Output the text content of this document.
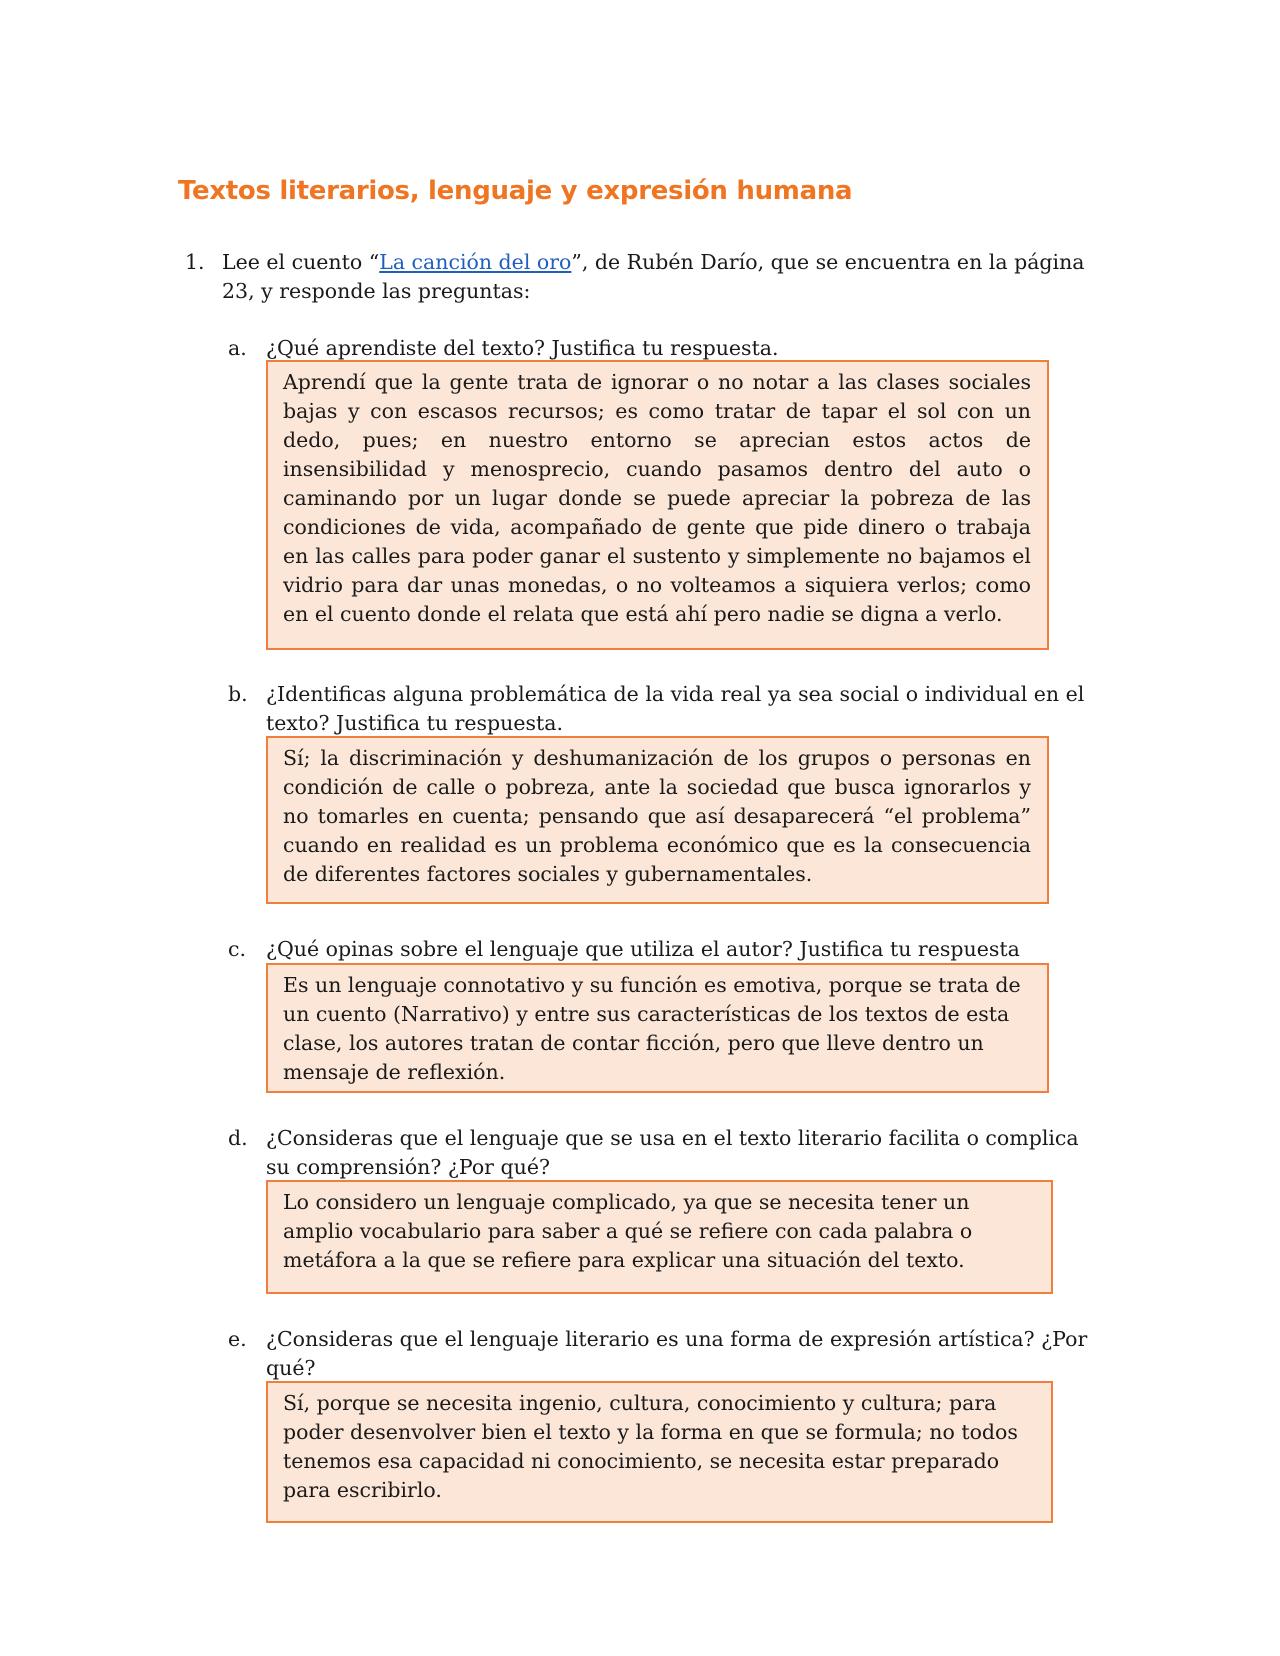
Textos literarios, lenguaje y expresión humana
1. Lee el cuento “La canción del oro”, de Rubén Darío, que se encuentra en la página 23, y responde las preguntas:
a. ¿Qué aprendiste del texto? Justifica tu respuesta.
Aprendí que la gente trata de ignorar o no notar a las clases sociales bajas y con escasos recursos; es como tratar de tapar el sol con un dedo, pues; en nuestro entorno se aprecian estos actos de insensibilidad y menosprecio, cuando pasamos dentro del auto o caminando por un lugar donde se puede apreciar la pobreza de las condiciones de vida, acompañado de gente que pide dinero o trabaja en las calles para poder ganar el sustento y simplemente no bajamos el vidrio para dar unas monedas, o no volteamos a siquiera verlos; como en el cuento donde el relata que está ahí pero nadie se digna a verlo.
b. ¿Identificas alguna problemática de la vida real ya sea social o individual en el texto? Justifica tu respuesta.
Sí; la discriminación y deshumanización de los grupos o personas en condición de calle o pobreza, ante la sociedad que busca ignorarlos y no tomarles en cuenta; pensando que así desaparecerá “el problema” cuando en realidad es un problema económico que es la consecuencia de diferentes factores sociales y gubernamentales.
c. ¿Qué opinas sobre el lenguaje que utiliza el autor? Justifica tu respuesta
Es un lenguaje connotativo y su función es emotiva, porque se trata de un cuento (Narrativo) y entre sus características de los textos de esta clase, los autores tratan de contar ficción, pero que lleve dentro un mensaje de reflexión.
d. ¿Consideras que el lenguaje que se usa en el texto literario facilita o complica su comprensión? ¿Por qué?
Lo considero un lenguaje complicado, ya que se necesita tener un amplio vocabulario para saber a qué se refiere con cada palabra o metáfora a la que se refiere para explicar una situación del texto.
e. ¿Consideras que el lenguaje literario es una forma de expresión artística? ¿Por qué?
Sí, porque se necesita ingenio, cultura, conocimiento y cultura; para poder desenvolver bien el texto y la forma en que se formula; no todos tenemos esa capacidad ni conocimiento, se necesita estar preparado para escribirlo.
